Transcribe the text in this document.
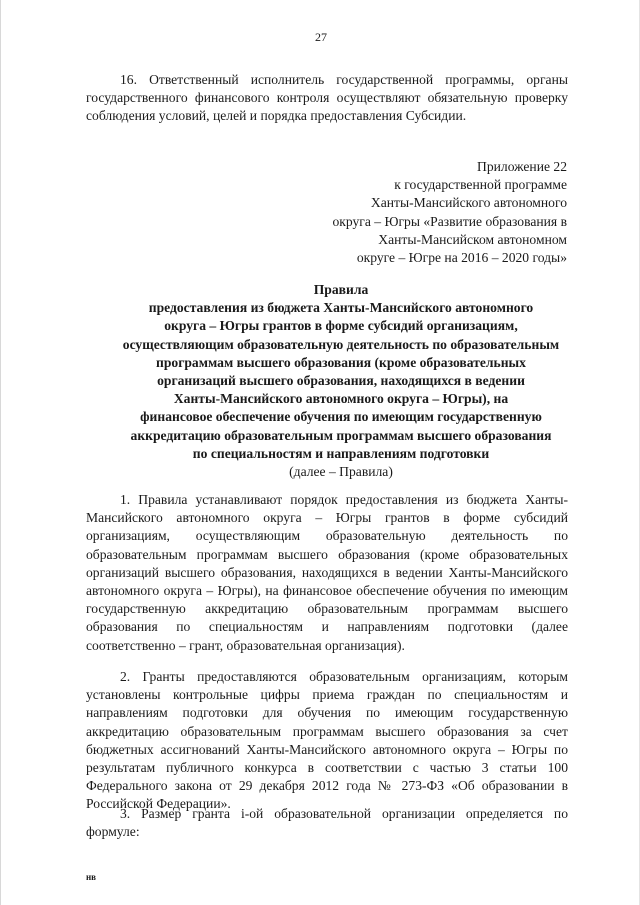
27

16. Ответственный исполнитель государственной программы, органы государственного финансового контроля осуществляют обязательную проверку соблюдения условий, целей и порядка предоставления Субсидии.

Приложение 22
к государственной программе
Ханты-Мансийского автономного
округа – Югры «Развитие образования в
Ханты-Мансийском автономном
округе – Югре на 2016 – 2020 годы»
Правила
предоставления из бюджета Ханты-Мансийского автономного
округа – Югры грантов в форме субсидий организациям,
осуществляющим образовательную деятельность по образовательным
программам высшего образования (кроме образовательных
организаций высшего образования, находящихся в ведении
Ханты-Мансийского автономного округа – Югры), на
финансовое обеспечение обучения по имеющим государственную
аккредитацию образовательным программам высшего образования
по специальностям и направлениям подготовки
(далее – Правила)

1. Правила устанавливают порядок предоставления из бюджета Ханты-Мансийского автономного округа – Югры грантов в форме субсидий организациям, осуществляющим образовательную деятельность по образовательным программам высшего образования (кроме образовательных организаций высшего образования, находящихся в ведении Ханты-Мансийского автономного округа – Югры), на финансовое обеспечение обучения по имеющим государственную аккредитацию образовательным программам высшего образования по специальностям и направлениям подготовки (далее соответственно – грант, образовательная организация).

2. Гранты предоставляются образовательным организациям, которым установлены контрольные цифры приема граждан по специальностям и направлениям подготовки для обучения по имеющим государственную аккредитацию образовательным программам высшего образования за счет бюджетных ассигнований Ханты-Мансийского автономного округа – Югры по результатам публичного конкурса в соответствии с частью 3 статьи 100 Федерального закона от 29 декабря 2012 года № 273-ФЗ «Об образовании в Российской Федерации».

3. Размер гранта i-ой образовательной организации определяется по формуле:

нв
